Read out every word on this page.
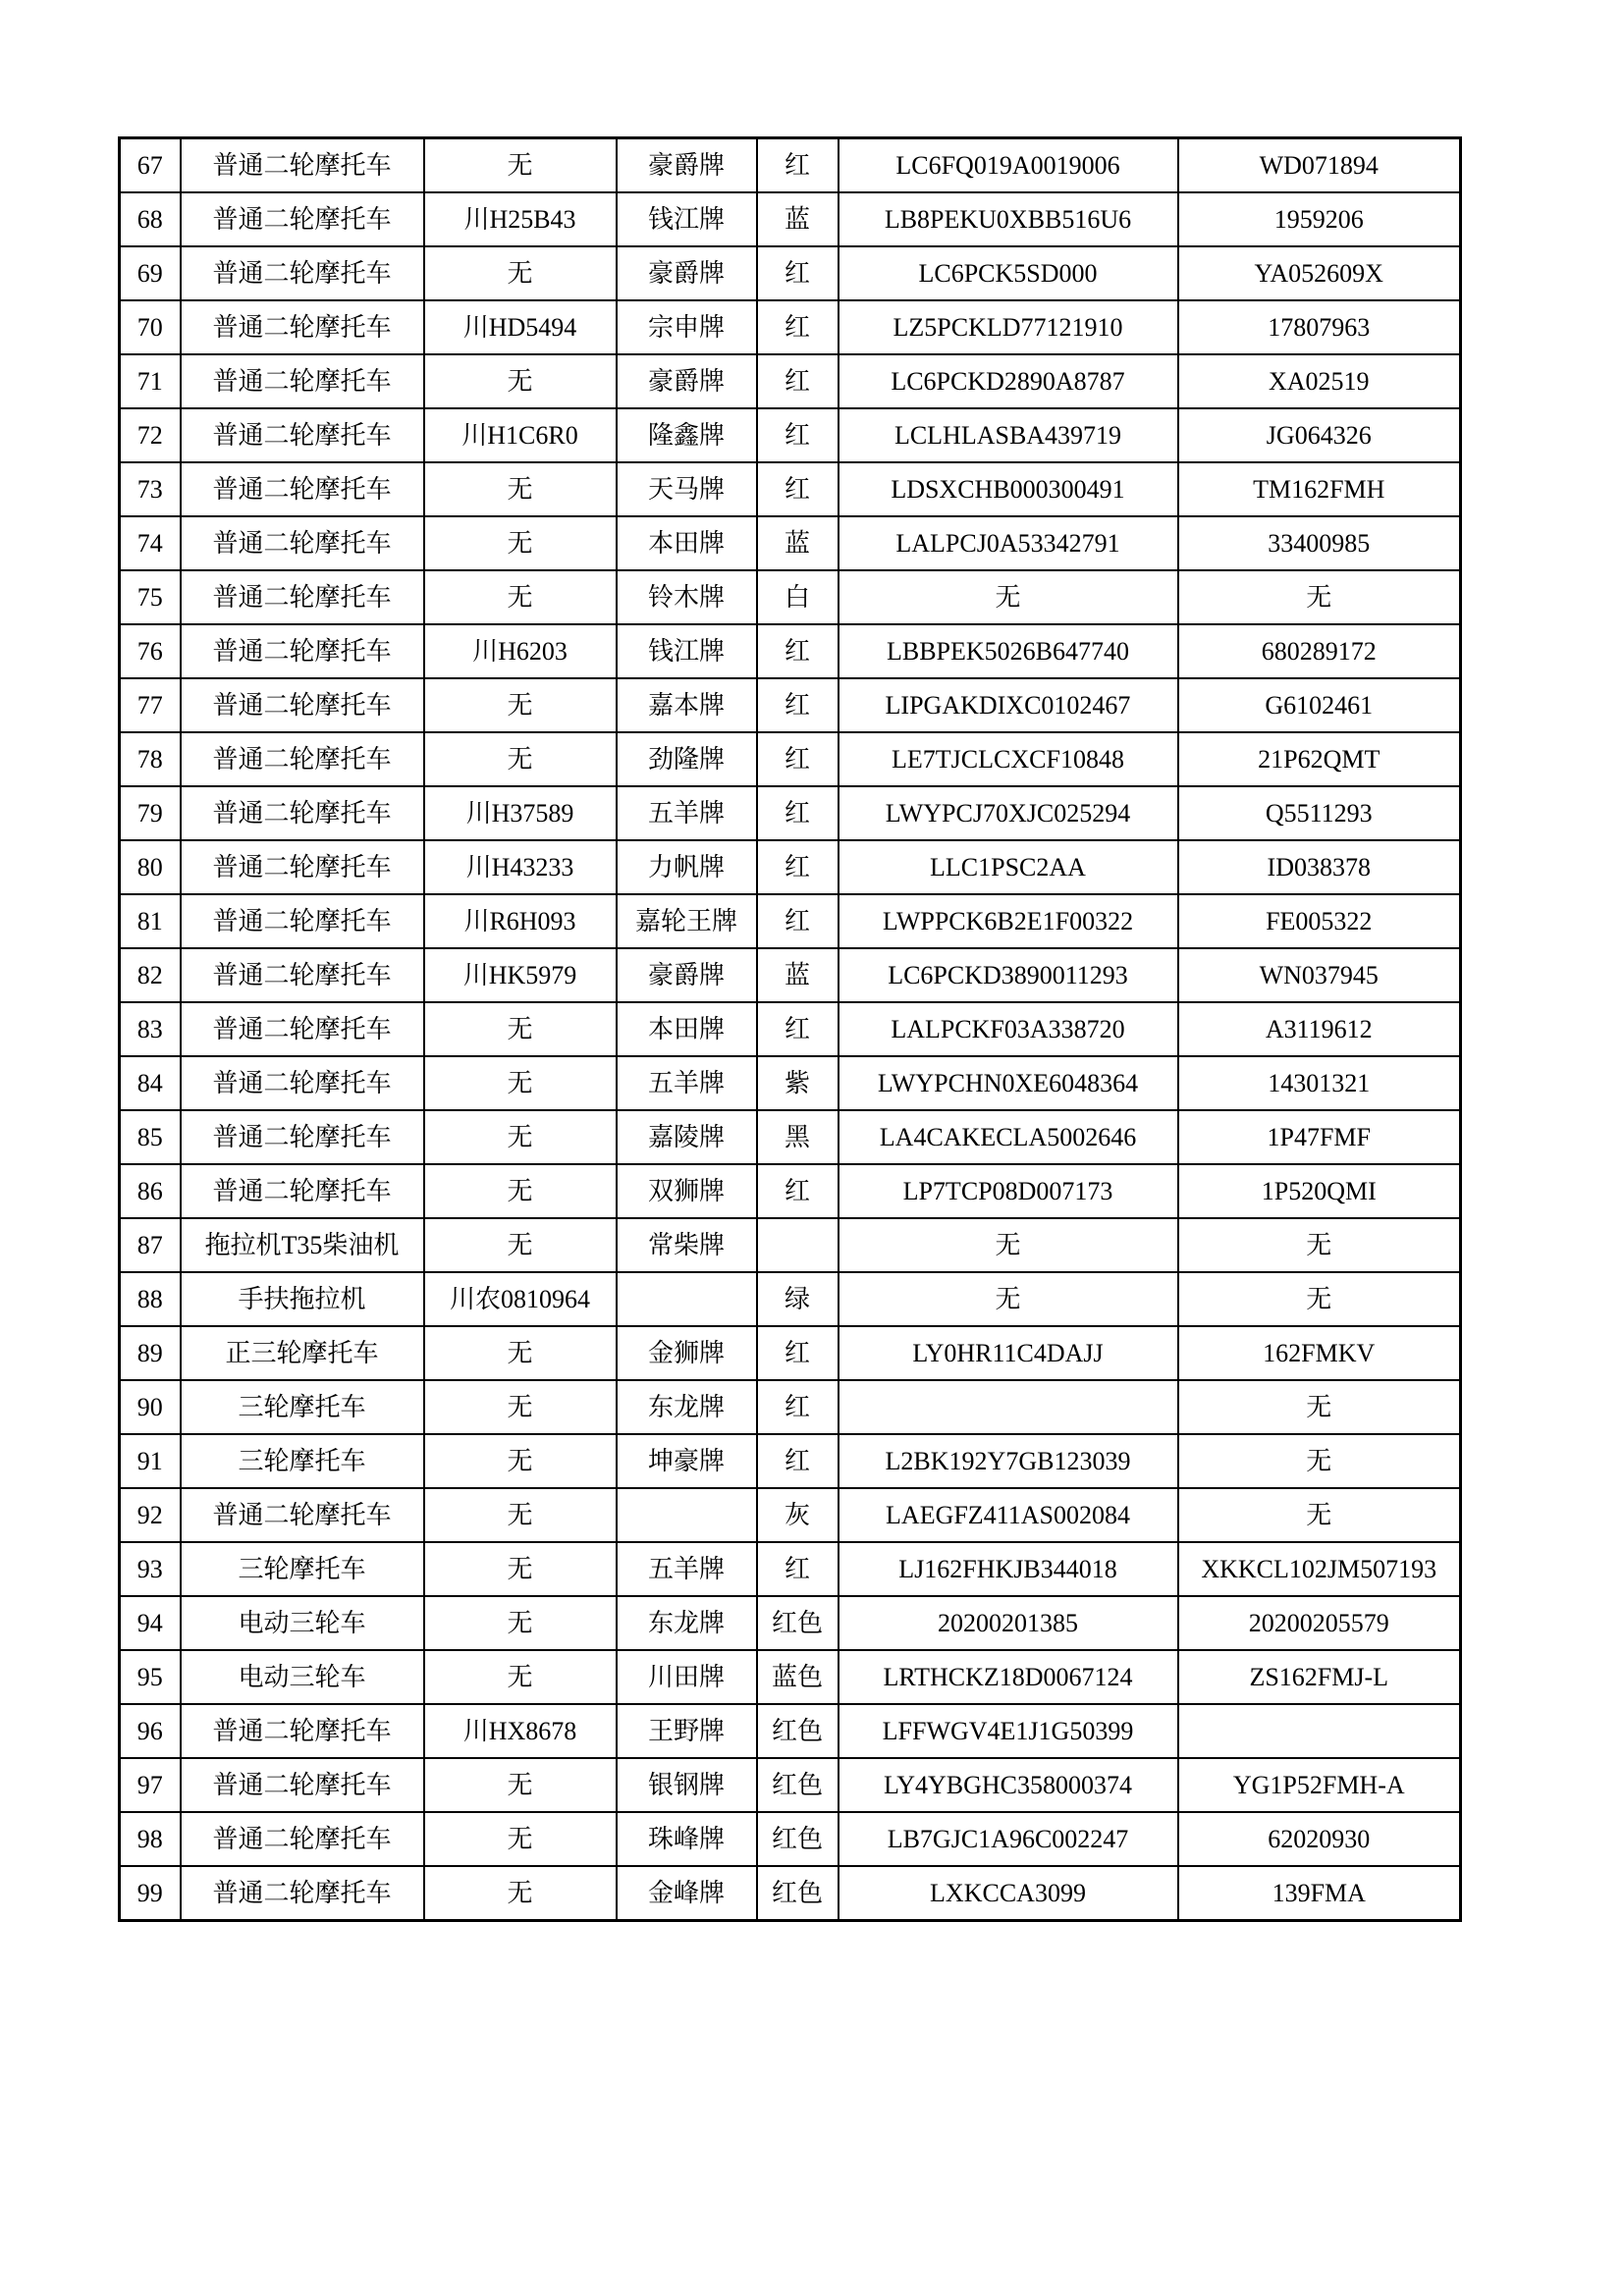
67	普通二轮摩托车	无	豪爵牌	红	LC6FQ019A0019006	WD071894
68	普通二轮摩托车	川H25B43	钱江牌	蓝	LB8PEKU0XBB516U6	1959206
69	普通二轮摩托车	无	豪爵牌	红	LC6PCK5SD000	YA052609X
70	普通二轮摩托车	川HD5494	宗申牌	红	LZ5PCKLD77121910	17807963
71	普通二轮摩托车	无	豪爵牌	红	LC6PCKD2890A8787	XA02519
72	普通二轮摩托车	川H1C6R0	隆鑫牌	红	LCLHLASBA439719	JG064326
73	普通二轮摩托车	无	天马牌	红	LDSXCHB000300491	TM162FMH
74	普通二轮摩托车	无	本田牌	蓝	LALPCJ0A53342791	33400985
75	普通二轮摩托车	无	铃木牌	白	无	无
76	普通二轮摩托车	川H6203	钱江牌	红	LBBPEK5026B647740	680289172
77	普通二轮摩托车	无	嘉本牌	红	LIPGAKDIXC0102467	G6102461
78	普通二轮摩托车	无	劲隆牌	红	LE7TJCLCXCF10848	21P62QMT
79	普通二轮摩托车	川H37589	五羊牌	红	LWYPCJ70XJC025294	Q5511293
80	普通二轮摩托车	川H43233	力帆牌	红	LLC1PSC2AA	ID038378
81	普通二轮摩托车	川R6H093	嘉轮王牌	红	LWPPCK6B2E1F00322	FE005322
82	普通二轮摩托车	川HK5979	豪爵牌	蓝	LC6PCKD3890011293	WN037945
83	普通二轮摩托车	无	本田牌	红	LALPCKF03A338720	A3119612
84	普通二轮摩托车	无	五羊牌	紫	LWYPCHN0XE6048364	14301321
85	普通二轮摩托车	无	嘉陵牌	黑	LA4CAKECLA5002646	1P47FMF
86	普通二轮摩托车	无	双狮牌	红	LP7TCP08D007173	1P520QMI
87	拖拉机T35柴油机	无	常柴牌		无	无
88	手扶拖拉机	川农0810964		绿	无	无
89	正三轮摩托车	无	金狮牌	红	LY0HR11C4DAJJ	162FMKV
90	三轮摩托车	无	东龙牌	红		无
91	三轮摩托车	无	坤豪牌	红	L2BK192Y7GB123039	无
92	普通二轮摩托车	无		灰	LAEGFZ411AS002084	无
93	三轮摩托车	无	五羊牌	红	LJ162FHKJB344018	XKKCL102JM507193
94	电动三轮车	无	东龙牌	红色	20200201385	20200205579
95	电动三轮车	无	川田牌	蓝色	LRTHCKZ18D0067124	ZS162FMJ-L
96	普通二轮摩托车	川HX8678	王野牌	红色	LFFWGV4E1J1G50399	
97	普通二轮摩托车	无	银钢牌	红色	LY4YBGHC358000374	YG1P52FMH-A
98	普通二轮摩托车	无	珠峰牌	红色	LB7GJC1A96C002247	62020930
99	普通二轮摩托车	无	金峰牌	红色	LXKCCA3099	139FMA
